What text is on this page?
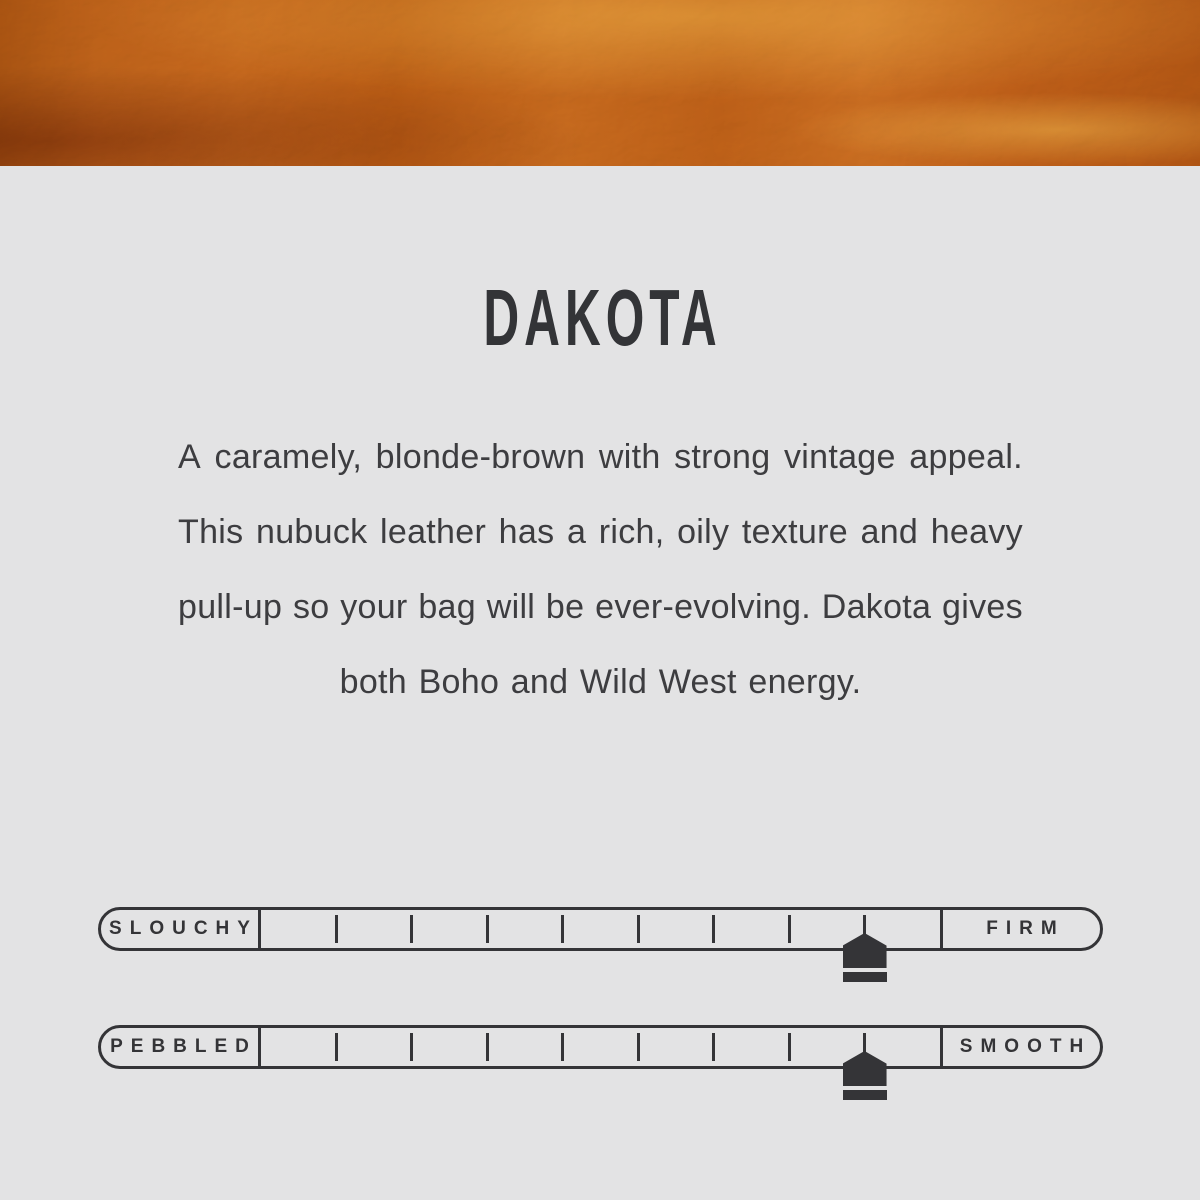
DAKOTA
A caramely, blonde-brown with strong vintage appeal.
This nubuck leather has a rich, oily texture and heavy
pull-up so your bag will be ever-evolving. Dakota gives
both Boho and Wild West energy.
SLOUCHY	FIRM
PEBBLED	SMOOTH
